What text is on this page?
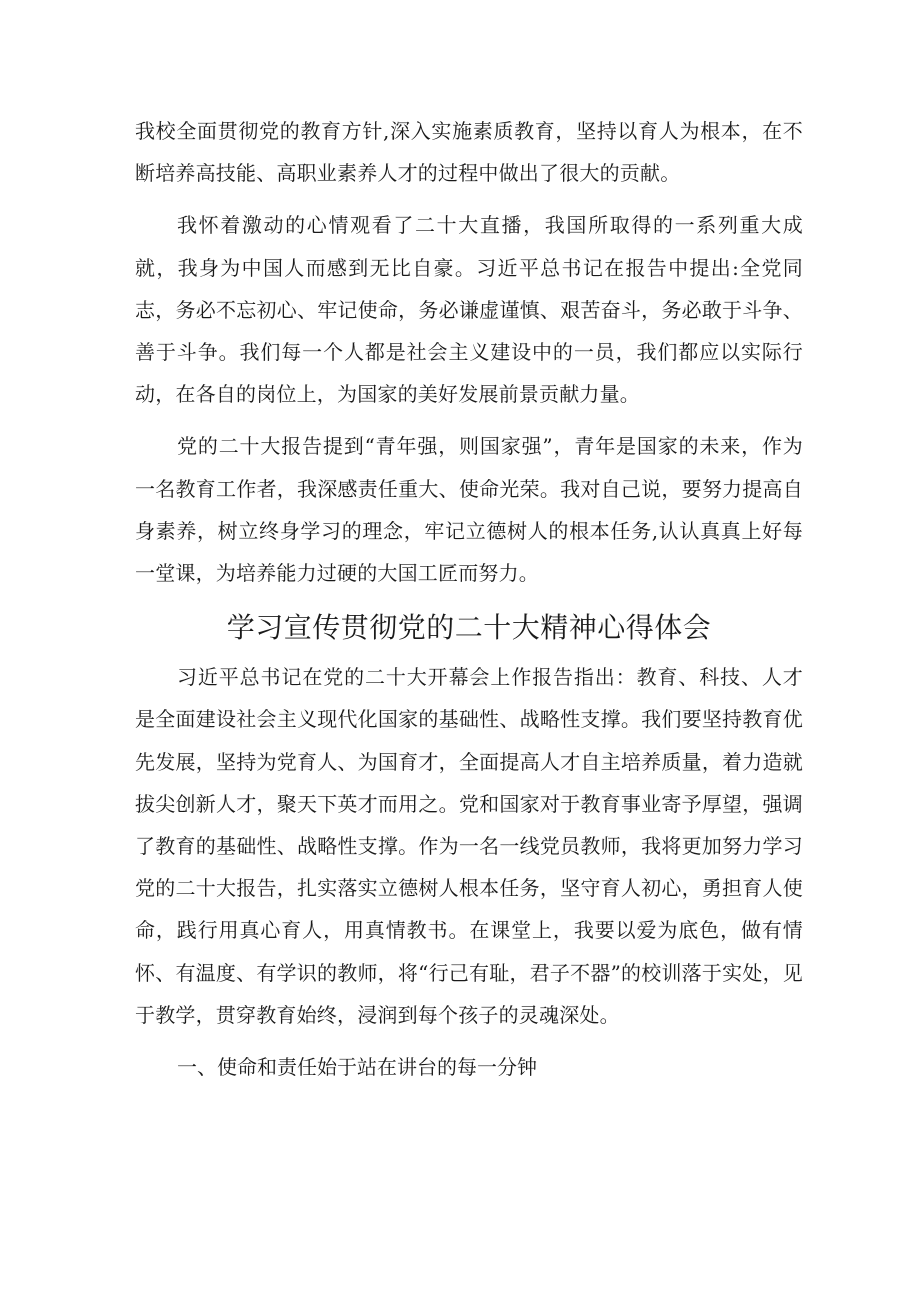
我校全面贯彻党的教育方针,深入实施素质教育，坚持以育人为根本，在不断培养高技能、高职业素养人才的过程中做出了很大的贡献。

我怀着激动的心情观看了二十大直播，我国所取得的一系列重大成就，我身为中国人而感到无比自豪。习近平总书记在报告中提出:全党同志，务必不忘初心、牢记使命，务必谦虚谨慎、艰苦奋斗，务必敢于斗争、善于斗争。我们每一个人都是社会主义建设中的一员，我们都应以实际行动，在各自的岗位上，为国家的美好发展前景贡献力量。

党的二十大报告提到“青年强，则国家强”，青年是国家的未来，作为一名教育工作者，我深感责任重大、使命光荣。我对自己说，要努力提高自身素养，树立终身学习的理念，牢记立德树人的根本任务,认认真真上好每一堂课，为培养能力过硬的大国工匠而努力。

学习宣传贯彻党的二十大精神心得体会

习近平总书记在党的二十大开幕会上作报告指出：教育、科技、人才是全面建设社会主义现代化国家的基础性、战略性支撑。我们要坚持教育优先发展，坚持为党育人、为国育才，全面提高人才自主培养质量，着力造就拔尖创新人才，聚天下英才而用之。党和国家对于教育事业寄予厚望，强调了教育的基础性、战略性支撑。作为一名一线党员教师，我将更加努力学习党的二十大报告，扎实落实立德树人根本任务，坚守育人初心，勇担育人使命，践行用真心育人，用真情教书。在课堂上，我要以爱为底色，做有情怀、有温度、有学识的教师，将“行己有耻，君子不器”的校训落于实处，见于教学，贯穿教育始终，浸润到每个孩子的灵魂深处。

一、使命和责任始于站在讲台的每一分钟
